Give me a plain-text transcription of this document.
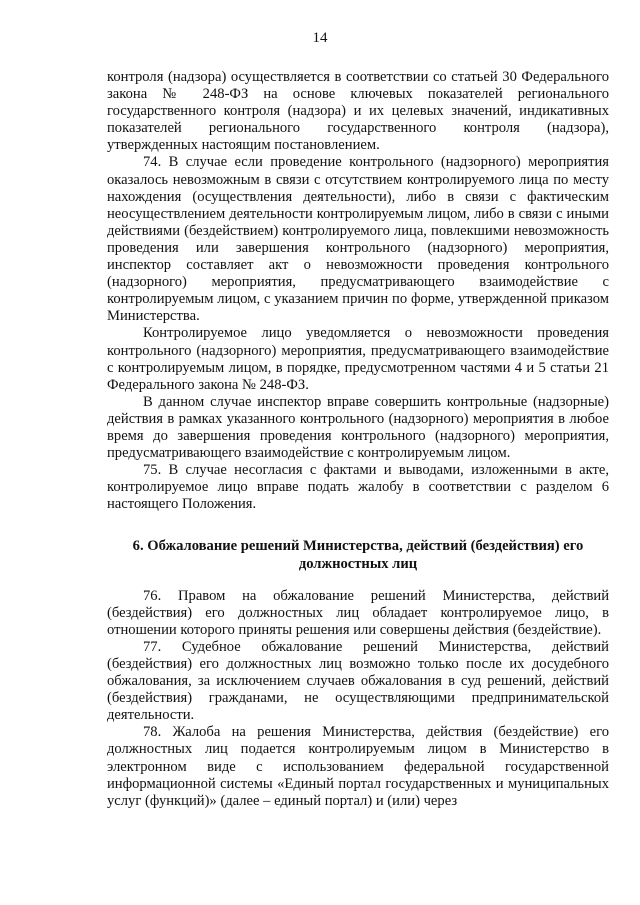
14

контроля (надзора) осуществляется в соответствии со статьей 30 Федерального закона № 248-ФЗ на основе ключевых показателей регионального государственного контроля (надзора) и их целевых значений, индикативных показателей регионального государственного контроля (надзора), утвержденных настоящим постановлением.

74. В случае если проведение контрольного (надзорного) мероприятия оказалось невозможным в связи с отсутствием контролируемого лица по месту нахождения (осуществления деятельности), либо в связи с фактическим неосуществлением деятельности контролируемым лицом, либо в связи с иными действиями (бездействием) контролируемого лица, повлекшими невозможность проведения или завершения контрольного (надзорного) мероприятия, инспектор составляет акт о невозможности проведения контрольного (надзорного) мероприятия, предусматривающего взаимодействие с контролируемым лицом, с указанием причин по форме, утвержденной приказом Министерства.

Контролируемое лицо уведомляется о невозможности проведения контрольного (надзорного) мероприятия, предусматривающего взаимодействие с контролируемым лицом, в порядке, предусмотренном частями 4 и 5 статьи 21 Федерального закона № 248-ФЗ.

В данном случае инспектор вправе совершить контрольные (надзорные) действия в рамках указанного контрольного (надзорного) мероприятия в любое время до завершения проведения контрольного (надзорного) мероприятия, предусматривающего взаимодействие с контролируемым лицом.

75. В случае несогласия с фактами и выводами, изложенными в акте, контролируемое лицо вправе подать жалобу в соответствии с разделом 6 настоящего Положения.

6. Обжалование решений Министерства, действий (бездействия) его должностных лиц

76. Правом на обжалование решений Министерства, действий (бездействия) его должностных лиц обладает контролируемое лицо, в отношении которого приняты решения или совершены действия (бездействие).

77. Судебное обжалование решений Министерства, действий (бездействия) его должностных лиц возможно только после их досудебного обжалования, за исключением случаев обжалования в суд решений, действий (бездействия) гражданами, не осуществляющими предпринимательской деятельности.

78. Жалоба на решения Министерства, действия (бездействие) его должностных лиц подается контролируемым лицом в Министерство в электронном виде с использованием федеральной государственной информационной системы «Единый портал государственных и муниципальных услуг (функций)» (далее – единый портал) и (или) через
